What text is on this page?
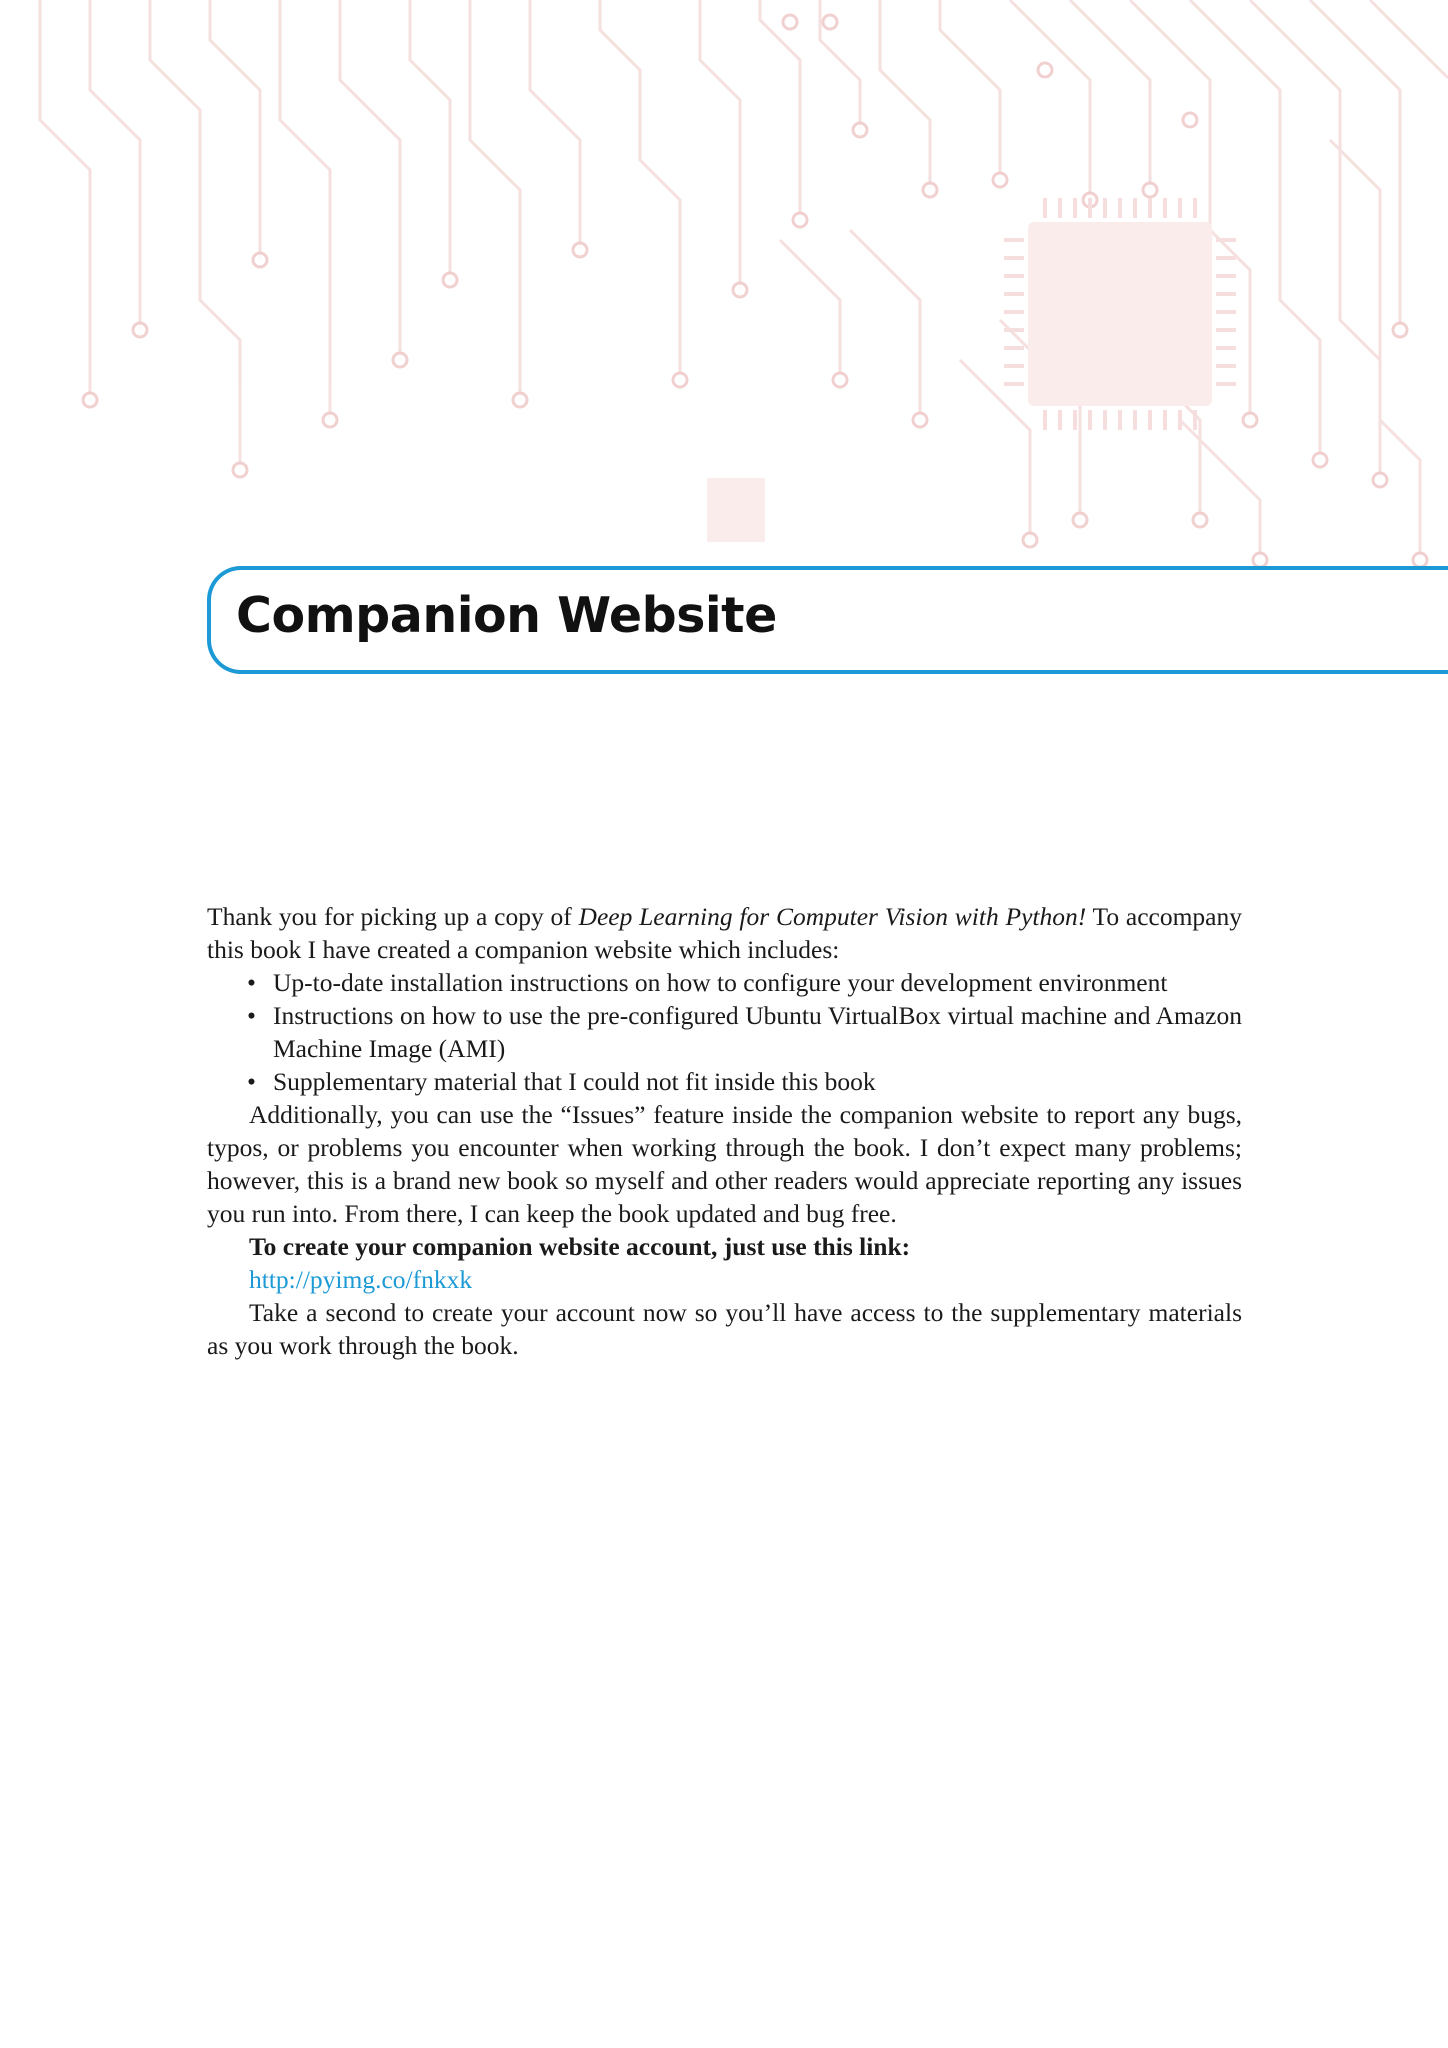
Companion Website

Thank you for picking up a copy of Deep Learning for Computer Vision with Python! To accompany this book I have created a companion website which includes:

• Up-to-date installation instructions on how to configure your development environment
• Instructions on how to use the pre-configured Ubuntu VirtualBox virtual machine and Amazon Machine Image (AMI)
• Supplementary material that I could not fit inside this book

Additionally, you can use the “Issues” feature inside the companion website to report any bugs, typos, or problems you encounter when working through the book. I don’t expect many problems; however, this is a brand new book so myself and other readers would appreciate reporting any issues you run into. From there, I can keep the book updated and bug free.

To create your companion website account, just use this link:

http://pyimg.co/fnkxk

Take a second to create your account now so you’ll have access to the supplementary materials as you work through the book.
